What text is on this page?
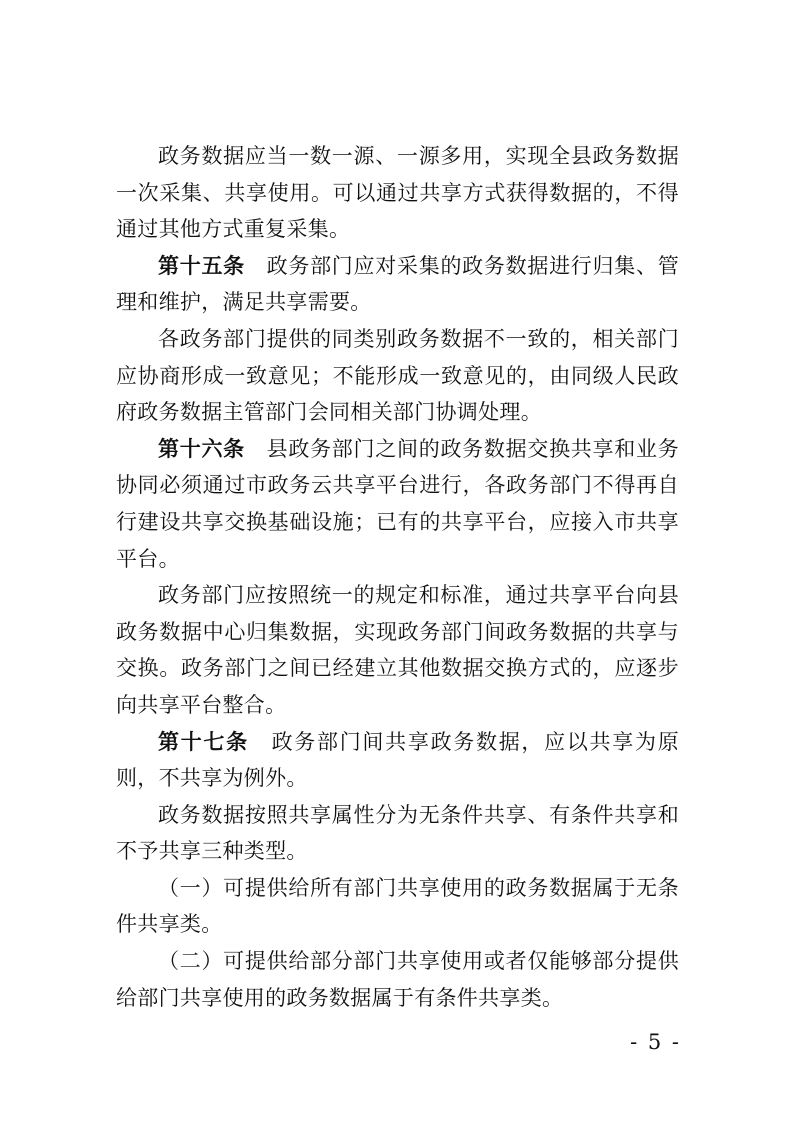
政务数据应当一数一源、一源多用，实现全县政务数据一次采集、共享使用。可以通过共享方式获得数据的，不得通过其他方式重复采集。

第十五条　政务部门应对采集的政务数据进行归集、管理和维护，满足共享需要。

各政务部门提供的同类别政务数据不一致的，相关部门应协商形成一致意见；不能形成一致意见的，由同级人民政府政务数据主管部门会同相关部门协调处理。

第十六条　县政务部门之间的政务数据交换共享和业务协同必须通过市政务云共享平台进行，各政务部门不得再自行建设共享交换基础设施；已有的共享平台，应接入市共享平台。

政务部门应按照统一的规定和标准，通过共享平台向县政务数据中心归集数据，实现政务部门间政务数据的共享与交换。政务部门之间已经建立其他数据交换方式的，应逐步向共享平台整合。

第十七条　政务部门间共享政务数据，应以共享为原则，不共享为例外。

政务数据按照共享属性分为无条件共享、有条件共享和不予共享三种类型。

（一）可提供给所有部门共享使用的政务数据属于无条件共享类。

（二）可提供给部分部门共享使用或者仅能够部分提供给部门共享使用的政务数据属于有条件共享类。

- 5 -
